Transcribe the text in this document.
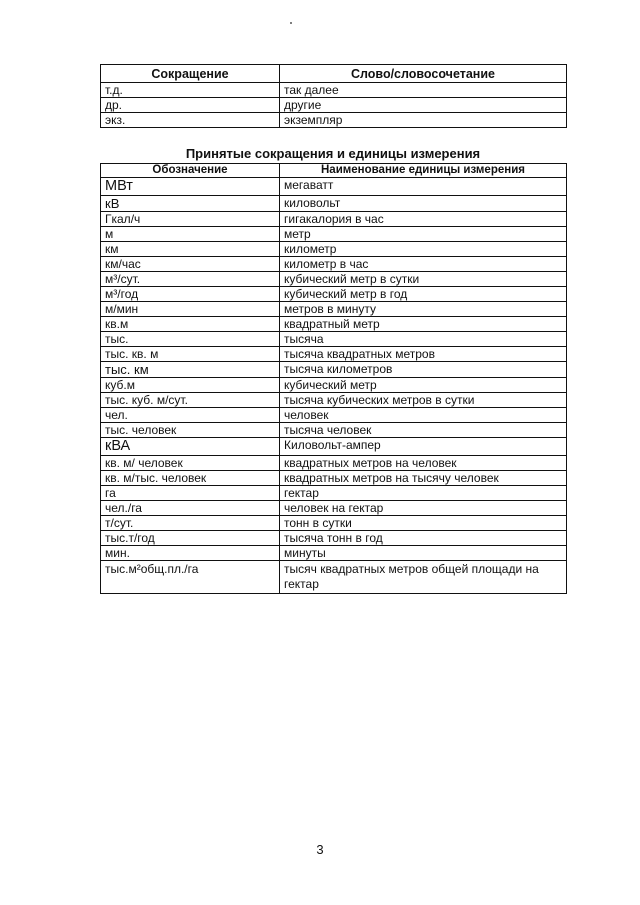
Сокращение	Слово/словосочетание
т.д.	так далее
др.	другие
экз.	экземпляр
Принятые сокращения и единицы измерения
Обозначение	Наименование единицы измерения
МВт	мегаватт
кВ	киловольт
Гкал/ч	гигакалория в час
м	метр
км	километр
км/час	километр в час
м³/сут.	кубический метр в сутки
м³/год	кубический метр в год
м/мин	метров в минуту
кв.м	квадратный метр
тыс.	тысяча
тыс. кв. м	тысяча квадратных метров
тыс. км	тысяча километров
куб.м	кубический метр
тыс. куб. м/сут.	тысяча кубических метров в сутки
чел.	человек
тыс. человек	тысяча человек
кВА	Киловольт-ампер
кв. м/ человек	квадратных метров на человек
кв. м/тыс. человек	квадратных метров на тысячу человек
га	гектар
чел./га	человек на гектар
т/сут.	тонн в сутки
тыс.т/год	тысяча тонн в год
мин.	минуты
тыс.м²общ.пл./га	тысяч квадратных метров общей площади на гектар

3
